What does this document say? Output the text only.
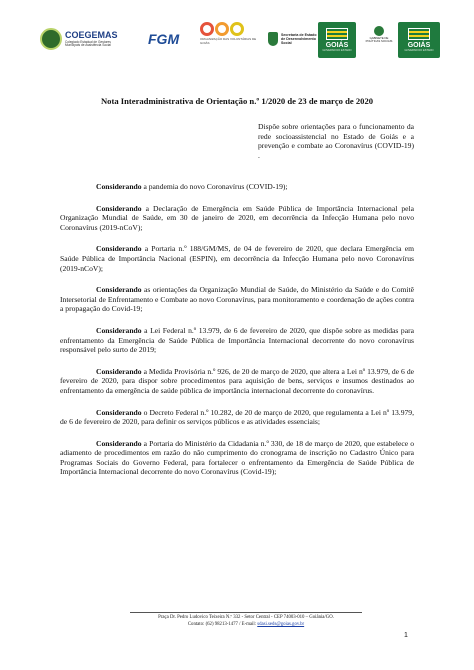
COEGEMAS
Colegiado Estadual de Gestores Municipais de Assistência Social	FGM	ORGANIZAÇÃO DAS VOLUNTÁRIAS DE GOIÁS
Secretaria de Estado de Desenvolvimento Social	GOIÁS
GOVERNO DO ESTADO
GABINETE DE POLÍTICAS SOCIAIS
GOIÁS
GOVERNO DO ESTADO
Nota Interadministrativa de Orientação n.º 1/2020 de 23 de março de 2020
Dispõe sobre orientações para o funcionamento da rede socioassistencial no Estado de Goiás e a prevenção e combate ao Coronavírus (COVID-19) .

Considerando a pandemia do novo Coronavírus (COVID-19);

Considerando a Declaração de Emergência em Saúde Pública de Importância Internacional pela Organização Mundial de Saúde, em 30 de janeiro de 2020, em decorrência da Infecção Humana pelo novo Coronavírus (2019-nCoV);

Considerando a Portaria n.º 188/GM/MS, de 04 de fevereiro de 2020, que declara Emergência em Saúde Pública de Importância Nacional (ESPIN), em decorrência da Infecção Humana pelo novo Coronavírus (2019-nCoV);

Considerando as orientações da Organização Mundial de Saúde, do Ministério da Saúde e do Comitê Intersetorial de Enfrentamento e Combate ao novo Coronavírus, para monitoramento e coordenação de ações contra a propagação do Covid-19;

Considerando a Lei Federal n.º 13.979, de 6 de fevereiro de 2020, que dispõe sobre as medidas para enfrentamento da Emergência de Saúde Pública de Importância Internacional decorrente do novo coronavírus responsável pelo surto de 2019;

Considerando a Medida Provisória n.º 926, de 20 de março de 2020, que altera a Lei nº 13.979, de 6 de fevereiro de 2020, para dispor sobre procedimentos para aquisição de bens, serviços e insumos destinados ao enfrentamento da emergência de saúde pública de importância internacional decorrente do coronavírus.

Considerando o Decreto Federal n.º 10.282, de 20 de março de 2020, que regulamenta a Lei nº 13.979, de 6 de fevereiro de 2020, para definir os serviços públicos e as atividades essenciais;

Considerando a Portaria do Ministério da Cidadania n.º 330, de 18 de março de 2020, que estabelece o adiamento de procedimentos em razão do não cumprimento do cronograma de inscrição no Cadastro Único para Programas Sociais do Governo Federal, para fortalecer o enfrentamento da Emergência de Saúde Pública de Importância Internacional decorrente do novo Coronavírus (Covid-19);

Praça Dr. Pedro Ludovico Teixeira N.º 332 - Setor Central - CEP 74003-010 – Goiânia/GO.
Contato: (62) 98213-1477 / E-mail: sdasi.seds@goias.gov.br
1
